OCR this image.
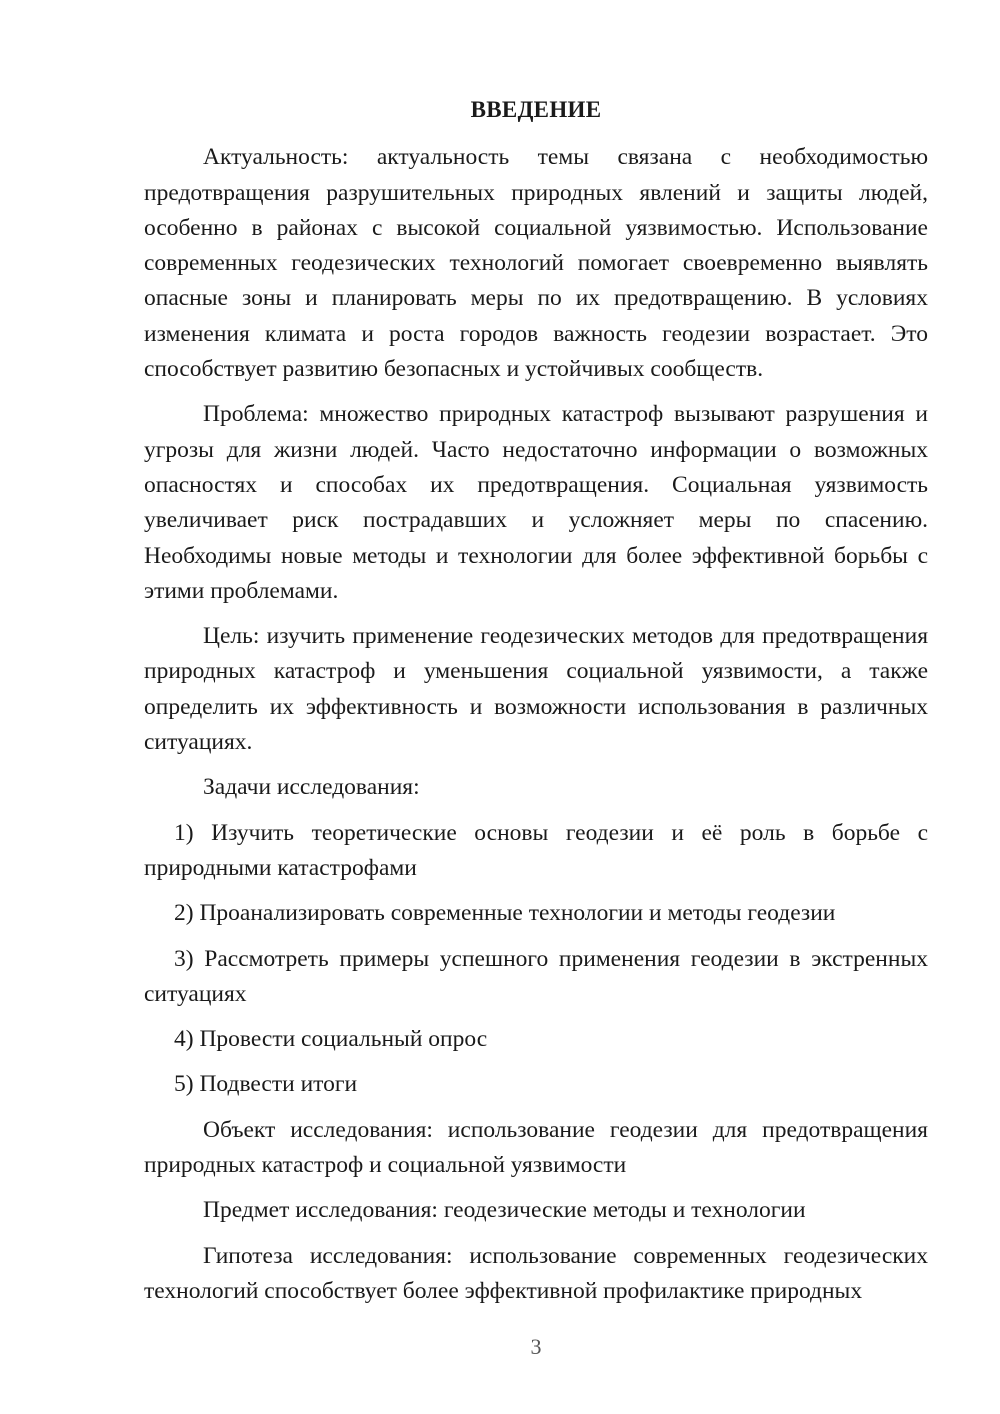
ВВЕДЕНИЕ

Актуальность: актуальность темы связана с необходимостью предотвращения разрушительных природных явлений и защиты людей, особенно в районах с высокой социальной уязвимостью. Использование современных геодезических технологий помогает своевременно выявлять опасные зоны и планировать меры по их предотвращению. В условиях изменения климата и роста городов важность геодезии возрастает. Это способствует развитию безопасных и устойчивых сообществ.

Проблема: множество природных катастроф вызывают разрушения и угрозы для жизни людей. Часто недостаточно информации о возможных опасностях и способах их предотвращения. Социальная уязвимость увеличивает риск пострадавших и усложняет меры по спасению. Необходимы новые методы и технологии для более эффективной борьбы с этими проблемами.

Цель: изучить применение геодезических методов для предотвращения природных катастроф и уменьшения социальной уязвимости, а также определить их эффективность и возможности использования в различных ситуациях.

Задачи исследования:

1) Изучить теоретические основы геодезии и её роль в борьбе с природными катастрофами

2) Проанализировать современные технологии и методы геодезии

3) Рассмотреть примеры успешного применения геодезии в экстренных ситуациях

4) Провести социальный опрос

5) Подвести итоги

Объект исследования: использование геодезии для предотвращения природных катастроф и социальной уязвимости

Предмет исследования: геодезические методы и технологии

Гипотеза исследования: использование современных геодезических технологий способствует более эффективной профилактике природных

3
